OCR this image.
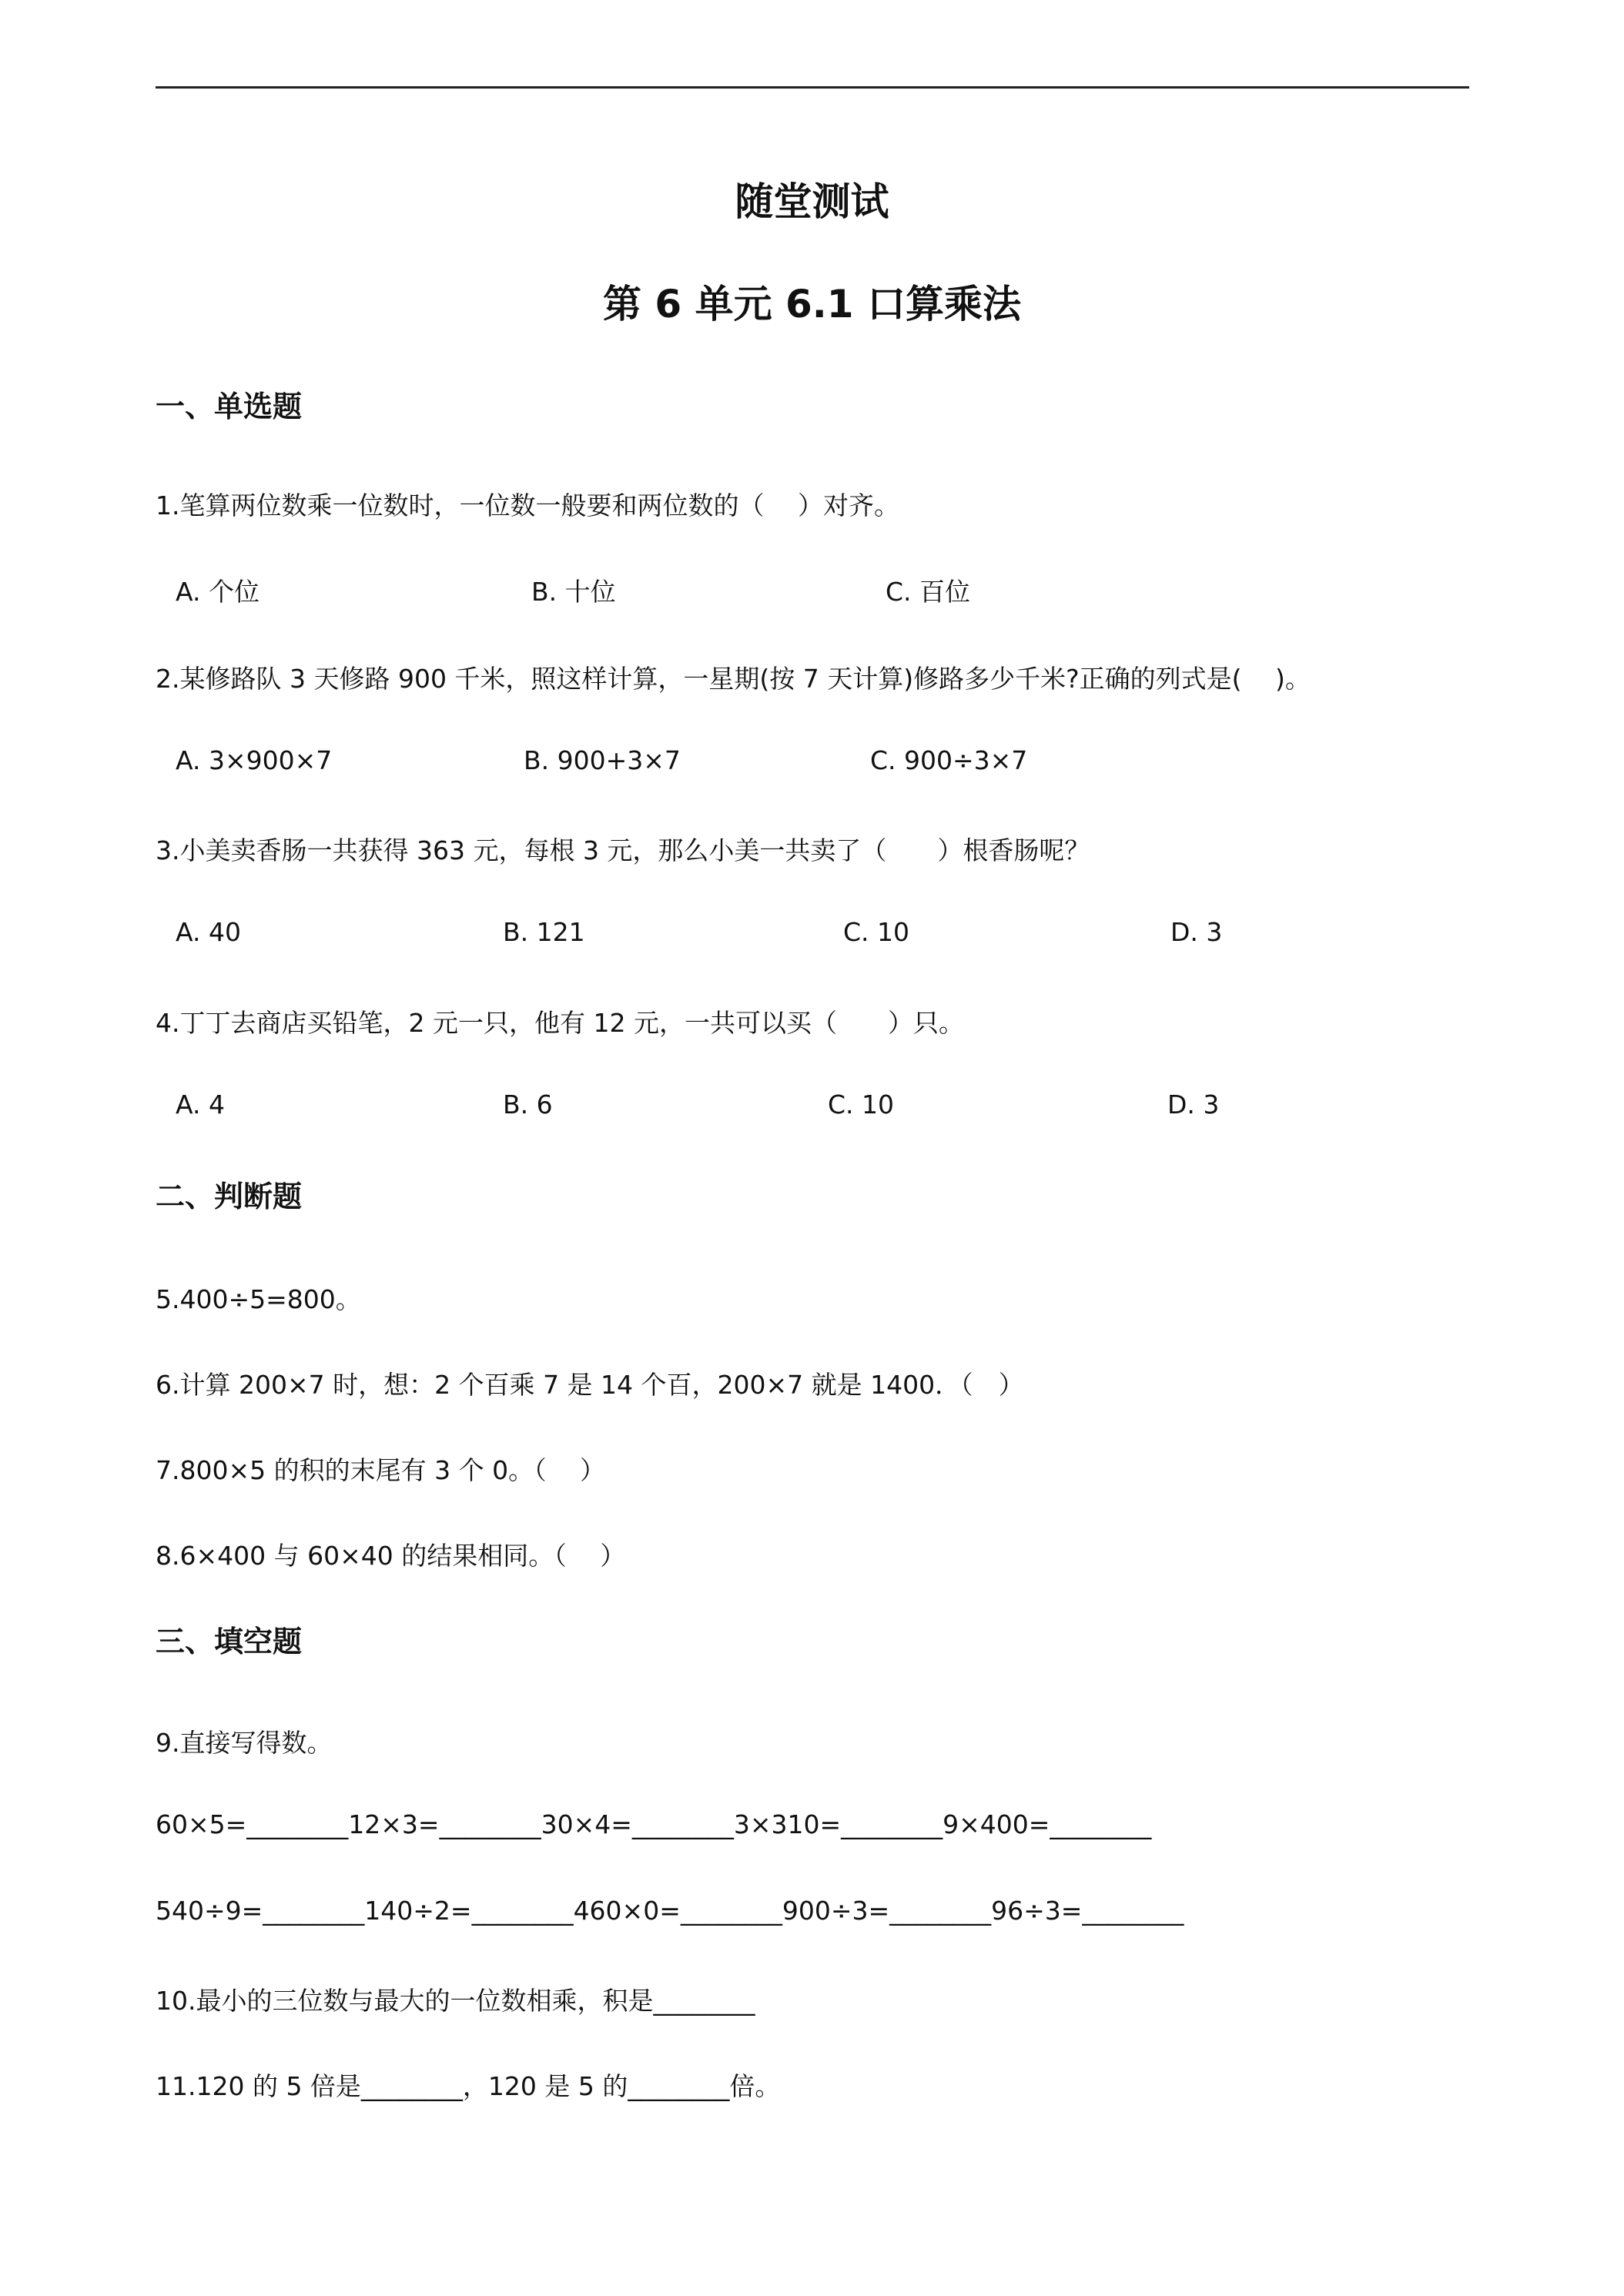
随堂测试
第 6 单元 6.1 口算乘法
一、单选题
1.笔算两位数乘一位数时，一位数一般要和两位数的（　 ）对齐。
A. 个位	B. 十位	C. 百位
2.某修路队 3 天修路 900 千米，照这样计算，一星期(按 7 天计算)修路多少千米?正确的列式是(　 )。
A. 3×900×7	B. 900+3×7	C. 900÷3×7
3.小美卖香肠一共获得 363 元，每根 3 元，那么小美一共卖了（　　）根香肠呢？
A. 40	B. 121	C. 10	D. 3
4.丁丁去商店买铅笔，2 元一只，他有 12 元，一共可以买（　　）只。
A. 4	B. 6	C. 10	D. 3
二、判断题
5.400÷5=800。
6.计算 200×7 时，想：2 个百乘 7 是 14 个百，200×7 就是 1400．（　）
7.800×5 的积的末尾有 3 个 0。（　 ）
8.6×400 与 60×40 的结果相同。（　 ）
三、填空题
9.直接写得数。
60×5=________12×3=________30×4=________3×310=________9×400=________
540÷9=________140÷2=________460×0=________900÷3=________96÷3=________
10.最小的三位数与最大的一位数相乘，积是________
11.120 的 5 倍是________，120 是 5 的________倍。
